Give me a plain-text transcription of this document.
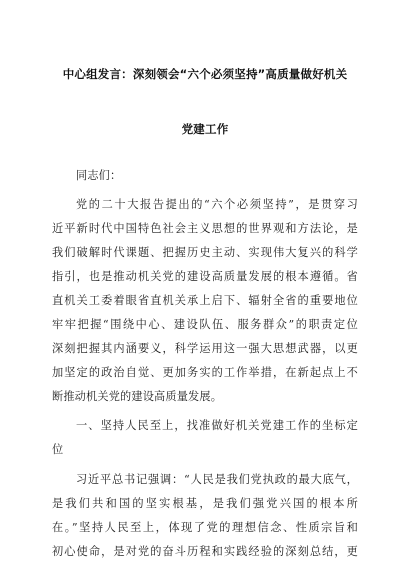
中心组发言：深刻领会“六个必须坚持”高质量做好机关
党建工作
同志们：
党的二十大报告提出的“六个必须坚持”，是贯穿习
近平新时代中国特色社会主义思想的世界观和方法论，是
我们破解时代课题、把握历史主动、实现伟大复兴的科学
指引，也是推动机关党的建设高质量发展的根本遵循。省
直机关工委着眼省直机关承上启下、辐射全省的重要地位
牢牢把握“围绕中心、建设队伍、服务群众”的职责定位
深刻把握其内涵要义，科学运用这一强大思想武器，以更
加坚定的政治自觉、更加务实的工作举措，在新起点上不
断推动机关党的建设高质量发展。
一、坚持人民至上，找准做好机关党建工作的坐标定
位
习近平总书记强调：“人民是我们党执政的最大底气，
是我们共和国的坚实根基，是我们强党兴国的根本所
在。”坚持人民至上，体现了党的理想信念、性质宗旨和
初心使命，是对党的奋斗历程和实践经验的深刻总结，更
